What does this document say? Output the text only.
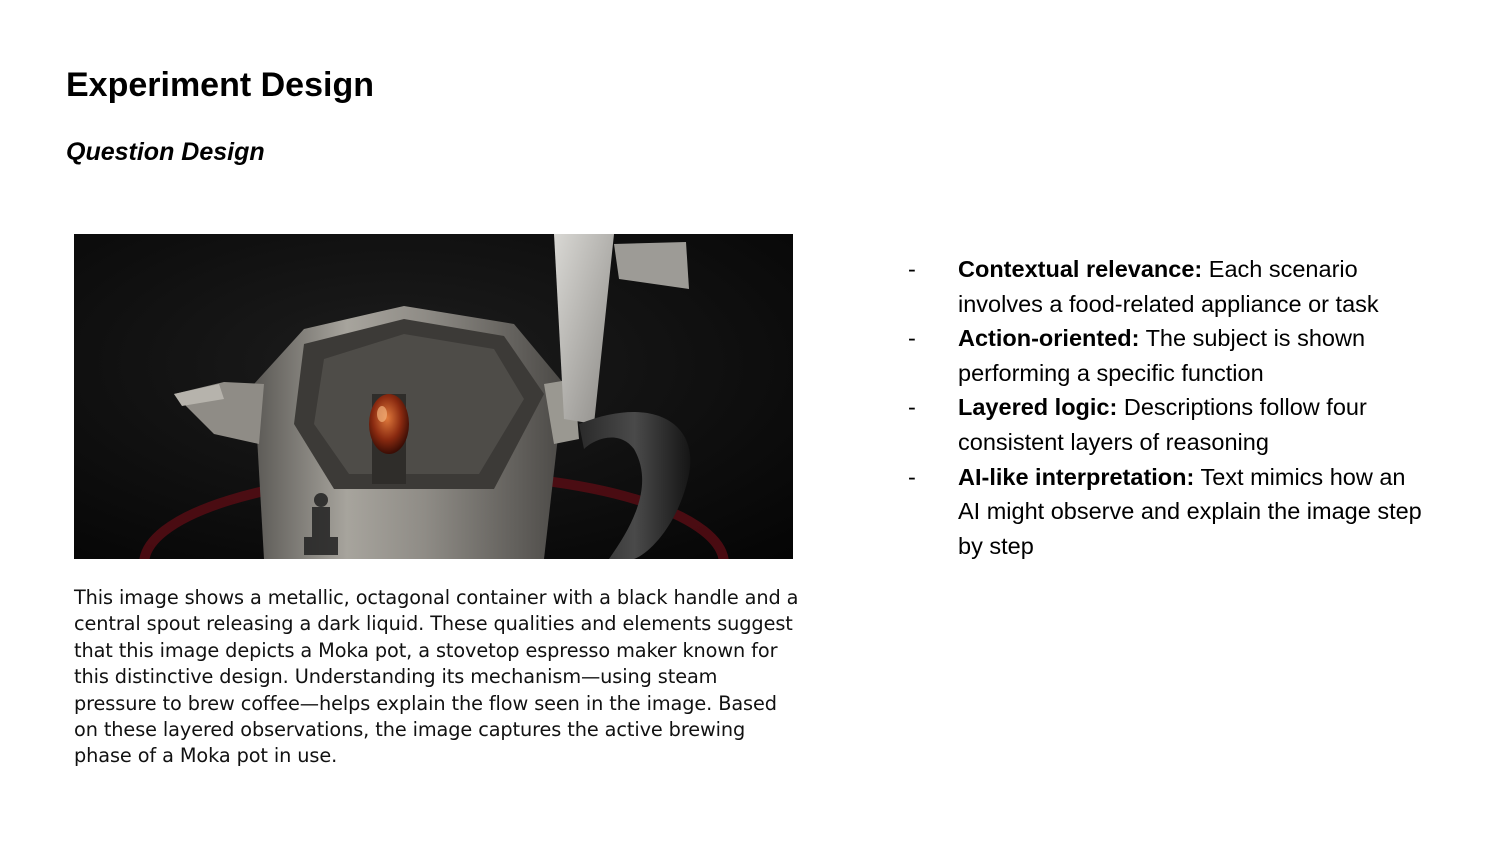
Experiment Design
Question Design

This image shows a metallic, octagonal container with a black handle and a central spout releasing a dark liquid. These qualities and elements suggest that this image depicts a Moka pot, a stovetop espresso maker known for this distinctive design. Understanding its mechanism—using steam pressure to brew coffee—helps explain the flow seen in the image. Based on these layered observations, the image captures the active brewing phase of a Moka pot in use.

- Contextual relevance: Each scenario involves a food-related appliance or task
- Action-oriented: The subject is shown performing a specific function
- Layered logic: Descriptions follow four consistent layers of reasoning
- AI-like interpretation: Text mimics how an AI might observe and explain the image step by step
